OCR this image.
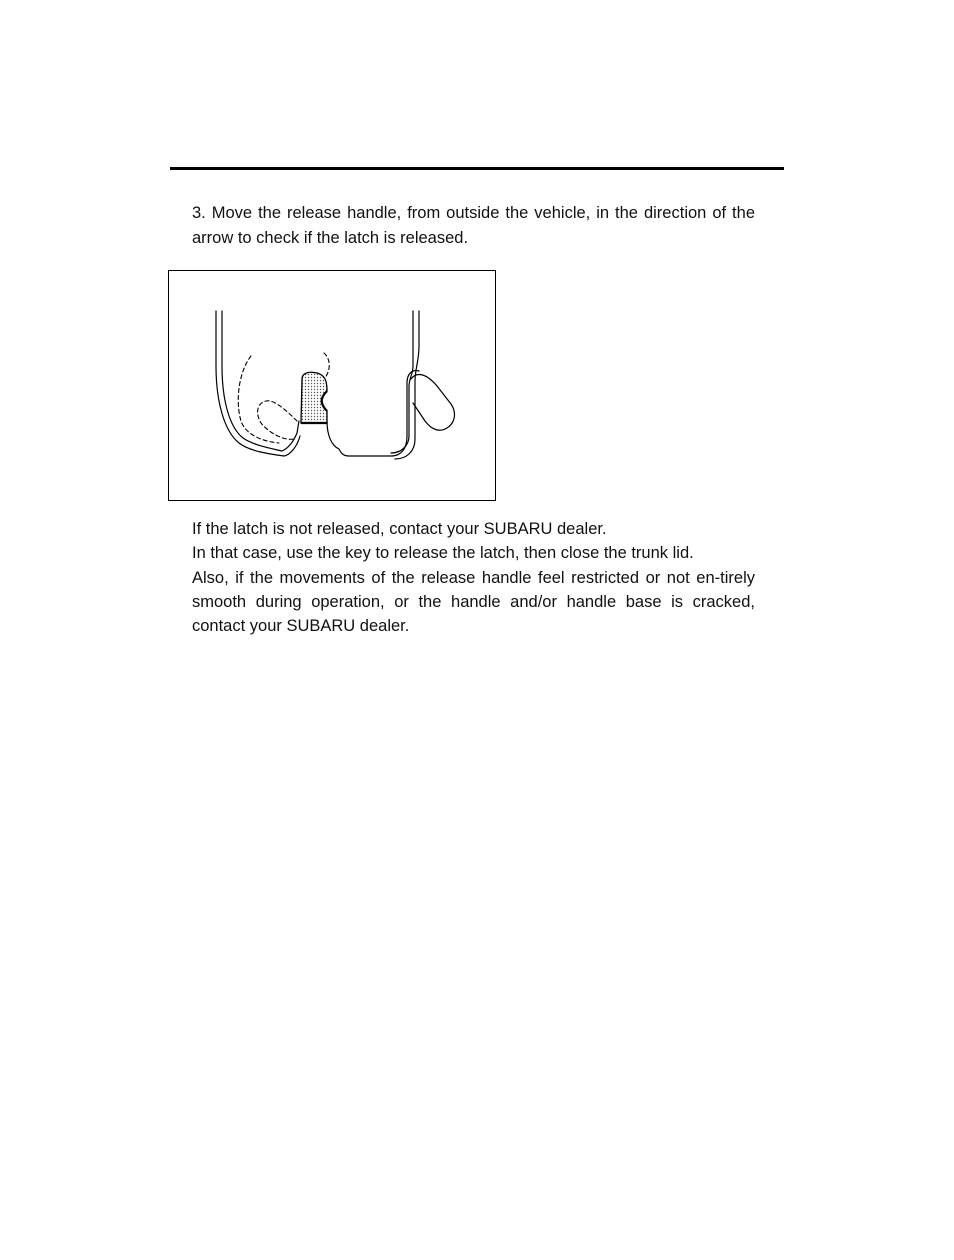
3. Move the release handle, from outside the vehicle, in the direction of the arrow to check if the latch is released.

If the latch is not released, contact your SUBARU dealer.

In that case, use the key to release the latch, then close the trunk lid.

Also, if the movements of the release handle feel restricted or not en-tirely smooth during operation, or the handle and/or handle base is cracked, contact your SUBARU dealer.
